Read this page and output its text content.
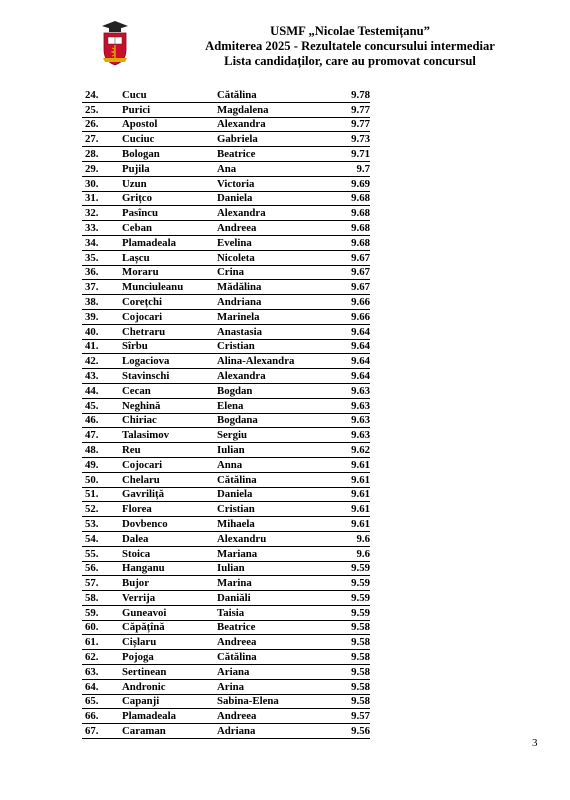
USMF „Nicolae Testemițanu”
Admiterea 2025 - Rezultatele concursului intermediar
Lista candidaților, care au promovat concursul
24.	Cucu	Cătălina	9.78
25.	Purici	Magdalena	9.77
26.	Apostol	Alexandra	9.77
27.	Cuciuc	Gabriela	9.73
28.	Bologan	Beatrice	9.71
29.	Pujila	Ana	9.7
30.	Uzun	Victoria	9.69
31.	Grițco	Daniela	9.68
32.	Pasîncu	Alexandra	9.68
33.	Ceban	Andreea	9.68
34.	Plamadeala	Evelina	9.68
35.	Lașcu	Nicoleta	9.67
36.	Moraru	Crina	9.67
37.	Munciuleanu	Mădălina	9.67
38.	Corețchi	Andriana	9.66
39.	Cojocari	Marinela	9.66
40.	Chetraru	Anastasia	9.64
41.	Sîrbu	Cristian	9.64
42.	Logaciova	Alina-Alexandra	9.64
43.	Stavinschi	Alexandra	9.64
44.	Cecan	Bogdan	9.63
45.	Neghină	Elena	9.63
46.	Chiriac	Bogdana	9.63
47.	Talasimov	Sergiu	9.63
48.	Reu	Iulian	9.62
49.	Cojocari	Anna	9.61
50.	Chelaru	Cătălina	9.61
51.	Gavriliță	Daniela	9.61
52.	Florea	Cristian	9.61
53.	Dovbenco	Mihaela	9.61
54.	Dalea	Alexandru	9.6
55.	Stoica	Mariana	9.6
56.	Hanganu	Iulian	9.59
57.	Bujor	Marina	9.59
58.	Verrija	Daniăli	9.59
59.	Guneavoi	Taisia	9.59
60.	Căpățînă	Beatrice	9.58
61.	Cișlaru	Andreea	9.58
62.	Pojoga	Cătălina	9.58
63.	Sertinean	Ariana	9.58
64.	Andronic	Arina	9.58
65.	Capanji	Sabina-Elena	9.58
66.	Plamadeala	Andreea	9.57
67.	Caraman	Adriana	9.56
3
